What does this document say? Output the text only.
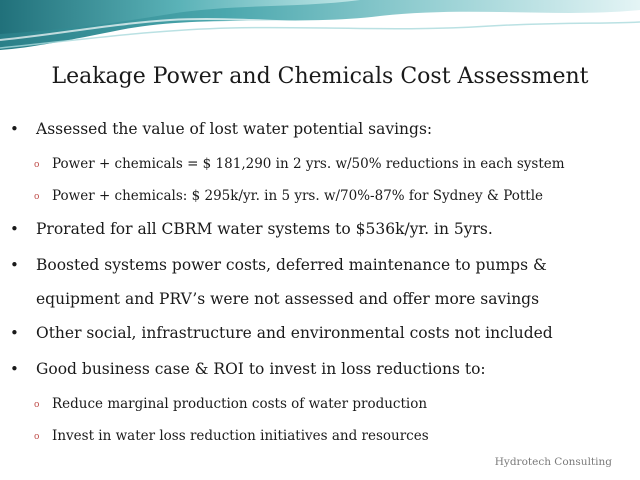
Leakage Power and Chemicals Cost Assessment
• Assessed the value of lost water potential savings:
o Power + chemicals = $ 181,290 in 2 yrs. w/50% reductions in each system
o Power + chemicals: $ 295k/yr. in 5 yrs. w/70%-87% for Sydney & Pottle
• Prorated for all CBRM water systems to $536k/yr. in 5yrs.
• Boosted systems power costs, deferred maintenance to pumps &
equipment and PRV’s were not assessed and offer more savings
• Other social, infrastructure and environmental costs not included
• Good business case & ROI to invest in loss reductions to:
o Reduce marginal production costs of water production
o Invest in water loss reduction initiatives and resources
Hydrotech Consulting
